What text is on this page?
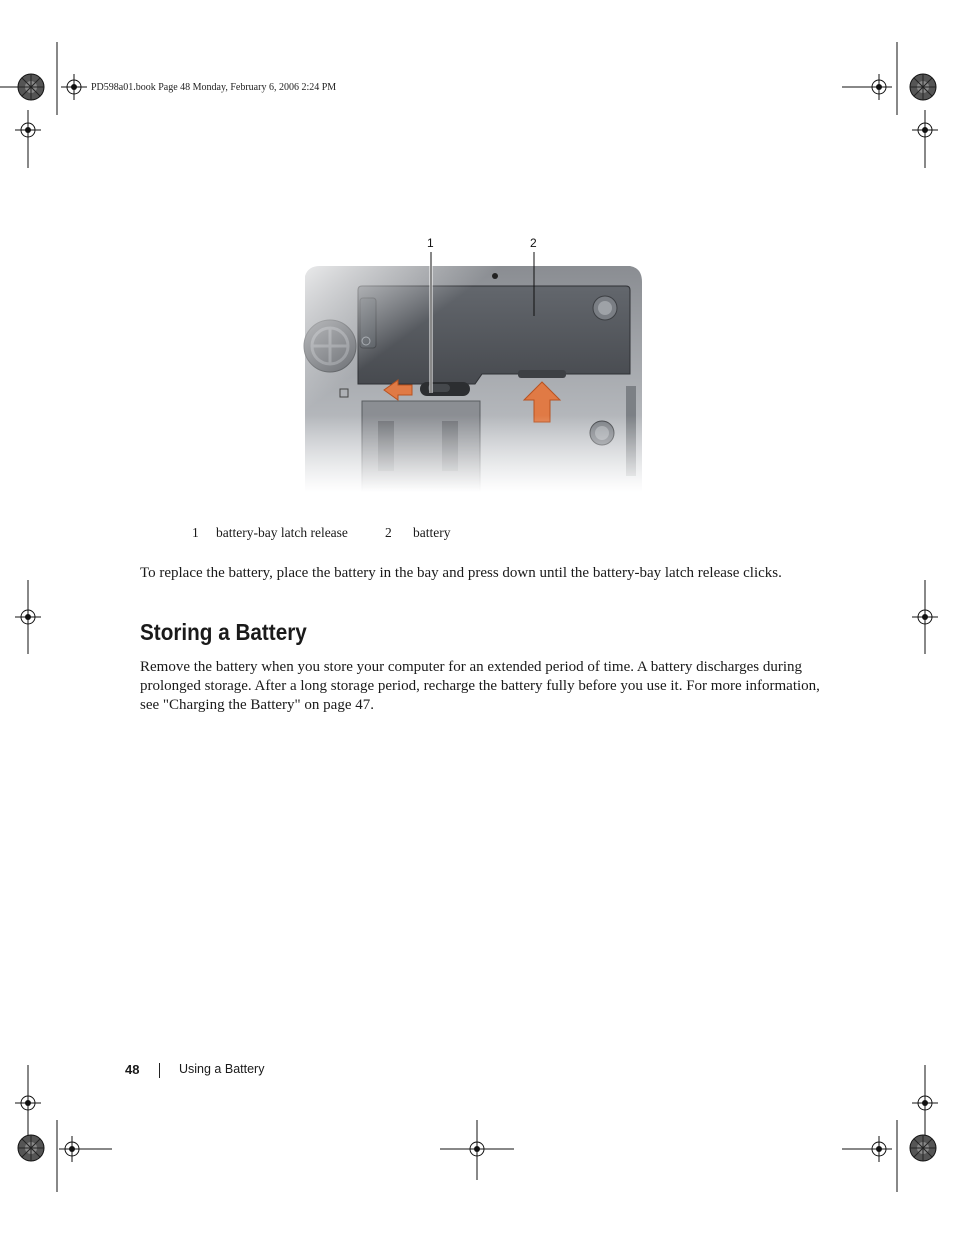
PD598a01.book Page 48 Monday, February 6, 2006 2:24 PM
1	2
1 battery-bay latch release	2 battery

To replace the battery, place the battery in the bay and press down until the battery-bay latch release clicks.

Storing a Battery

Remove the battery when you store your computer for an extended period of time. A battery discharges during prolonged storage. After a long storage period, recharge the battery fully before you use it. For more information, see "Charging the Battery" on page 47.

48	Using a Battery
